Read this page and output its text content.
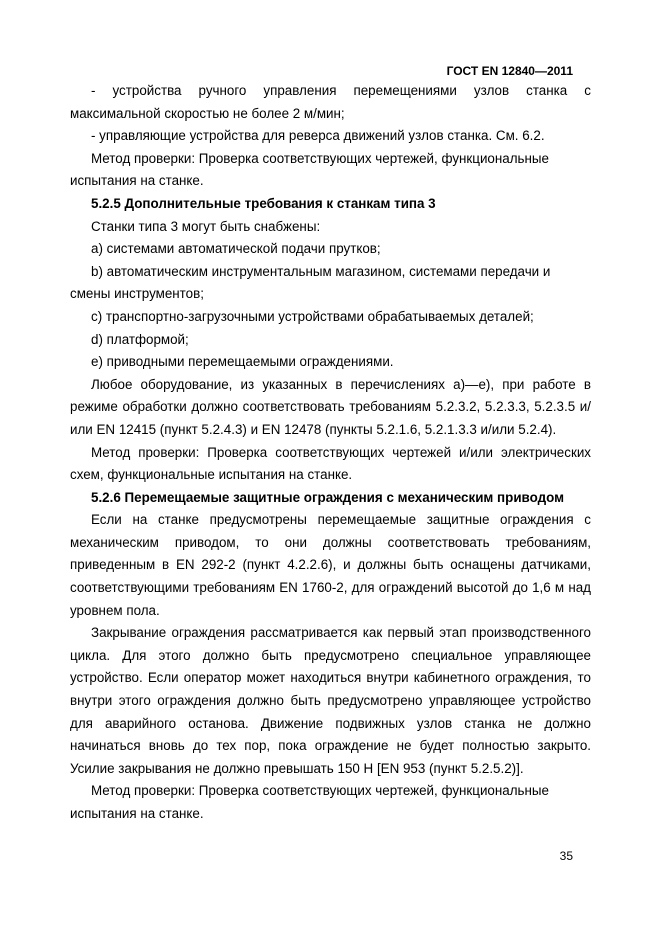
ГОСТ EN 12840—2011

- устройства ручного управления перемещениями узлов станка с максимальной скоростью не более 2 м/мин;

- управляющие устройства для реверса движений узлов станка. См. 6.2.

Метод проверки: Проверка соответствующих чертежей, функциональные испытания на станке.

5.2.5 Дополнительные требования к станкам типа 3

Станки типа 3 могут быть снабжены:

a) системами автоматической подачи прутков;

b) автоматическим инструментальным магазином, системами передачи и смены инструментов;

c) транспортно-загрузочными устройствами обрабатываемых деталей;

d) платформой;

e) приводными перемещаемыми ограждениями.

Любое оборудование, из указанных в перечислениях a)—e), при работе в режиме обработки должно соответствовать требованиям 5.2.3.2, 5.2.3.3, 5.2.3.5 и/или EN 12415 (пункт 5.2.4.3) и EN 12478 (пункты 5.2.1.6, 5.2.1.3.3 и/или 5.2.4).

Метод проверки: Проверка соответствующих чертежей и/или электрических схем, функциональные испытания на станке.

5.2.6 Перемещаемые защитные ограждения с механическим приводом

Если на станке предусмотрены перемещаемые защитные ограждения с механическим приводом, то они должны соответствовать требованиям, приведенным в EN 292-2 (пункт 4.2.2.6), и должны быть оснащены датчиками, соответствующими требованиям EN 1760-2, для ограждений высотой до 1,6 м над уровнем пола.

Закрывание ограждения рассматривается как первый этап производственного цикла. Для этого должно быть предусмотрено специальное управляющее устройство. Если оператор может находиться внутри кабинетного ограждения, то внутри этого ограждения должно быть предусмотрено управляющее устройство для аварийного останова. Движение подвижных узлов станка не должно начинаться вновь до тех пор, пока ограждение не будет полностью закрыто. Усилие закрывания не должно превышать 150 Н [EN 953 (пункт 5.2.5.2)].

Метод проверки: Проверка соответствующих чертежей, функциональные испытания на станке.

35
